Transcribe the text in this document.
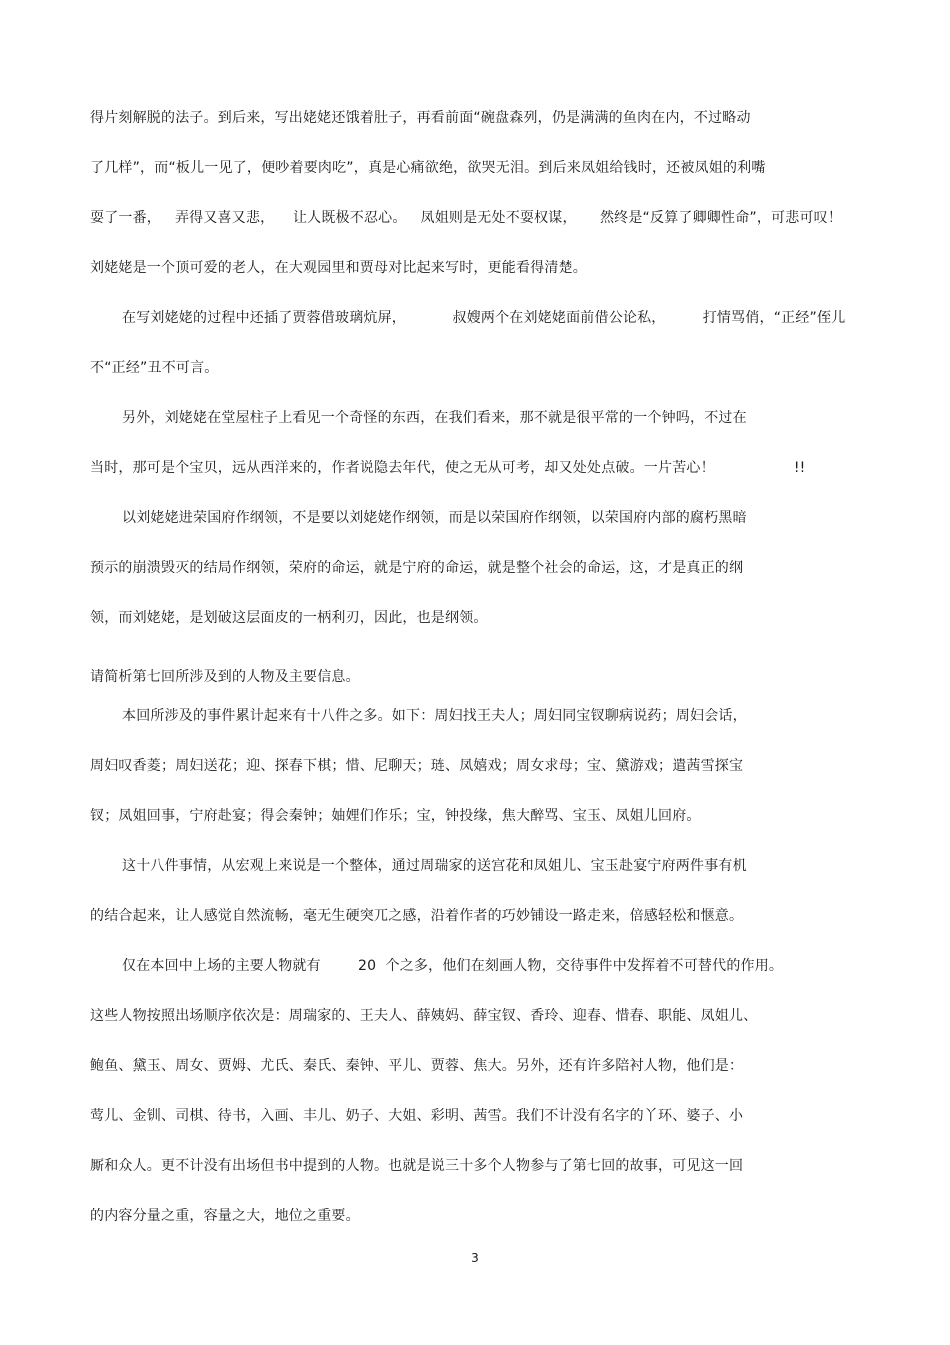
得片刻解脱的法子。到后来，写出姥姥还饿着肚子，再看前面“碗盘森列，仍是满满的鱼肉在内，不过略动
了几样”，而“板儿一见了，便吵着要肉吃”，真是心痛欲绝，欲哭无泪。到后来凤姐给钱时，还被凤姐的利嘴
耍了一番，   弄得又喜又悲，    让人既极不忍心。   凤姐则是无处不耍权谋，     然终是“反算了卿卿性命”，可悲可叹！
刘姥姥是一个顶可爱的老人，在大观园里和贾母对比起来写时，更能看得清楚。
在写刘姥姥的过程中还插了贾蓉借玻璃炕屏，          叔嫂两个在刘姥姥面前借公论私，        打情骂俏，“正经”侄儿
不“正经”丑不可言。
另外，刘姥姥在堂屋柱子上看见一个奇怪的东西，在我们看来，那不就是很平常的一个钟吗，不过在
当时，那可是个宝贝，远从西洋来的，作者说隐去年代，使之无从可考，却又处处点破。一片苦心！                 !!
以刘姥姥进荣国府作纲领，不是要以刘姥姥作纲领，而是以荣国府作纲领，以荣国府内部的腐朽黑暗
预示的崩溃毁灭的结局作纲领，荣府的命运，就是宁府的命运，就是整个社会的命运，这，才是真正的纲
领，而刘姥姥，是划破这层面皮的一柄利刃，因此，也是纲领。
请简析第七回所涉及到的人物及主要信息。
本回所涉及的事件累计起来有十八件之多。如下：周妇找王夫人；周妇同宝钗聊病说药；周妇会话，
周妇叹香菱；周妇送花；迎、探春下棋；惜、尼聊天；琏、凤嬉戏；周女求母；宝、黛游戏；遣茜雪探宝
钗；凤姐回事，宁府赴宴；得会秦钟；妯娌们作乐；宝，钟投缘，焦大醉骂、宝玉、凤姐儿回府。
这十八件事情，从宏观上来说是一个整体，通过周瑞家的送宫花和凤姐儿、宝玉赴宴宁府两件事有机
的结合起来，让人感觉自然流畅，毫无生硬突兀之感，沿着作者的巧妙铺设一路走来，倍感轻松和惬意。
仅在本回中上场的主要人物就有        20  个之多，他们在刻画人物，交待事件中发挥着不可替代的作用。
这些人物按照出场顺序依次是：周瑞家的、王夫人、薛姨妈、薛宝钗、香玲、迎春、惜春、职能、凤姐儿、
鲍鱼、黛玉、周女、贾姆、尤氏、秦氏、秦钟、平儿、贾蓉、焦大。另外，还有许多陪衬人物，他们是：
莺儿、金钏、司棋、待书，入画、丰儿、奶子、大姐、彩明、茜雪。我们不计没有名字的丫环、婆子、小
厮和众人。更不计没有出场但书中提到的人物。也就是说三十多个人物参与了第七回的故事，可见这一回
的内容分量之重，容量之大，地位之重要。
3
